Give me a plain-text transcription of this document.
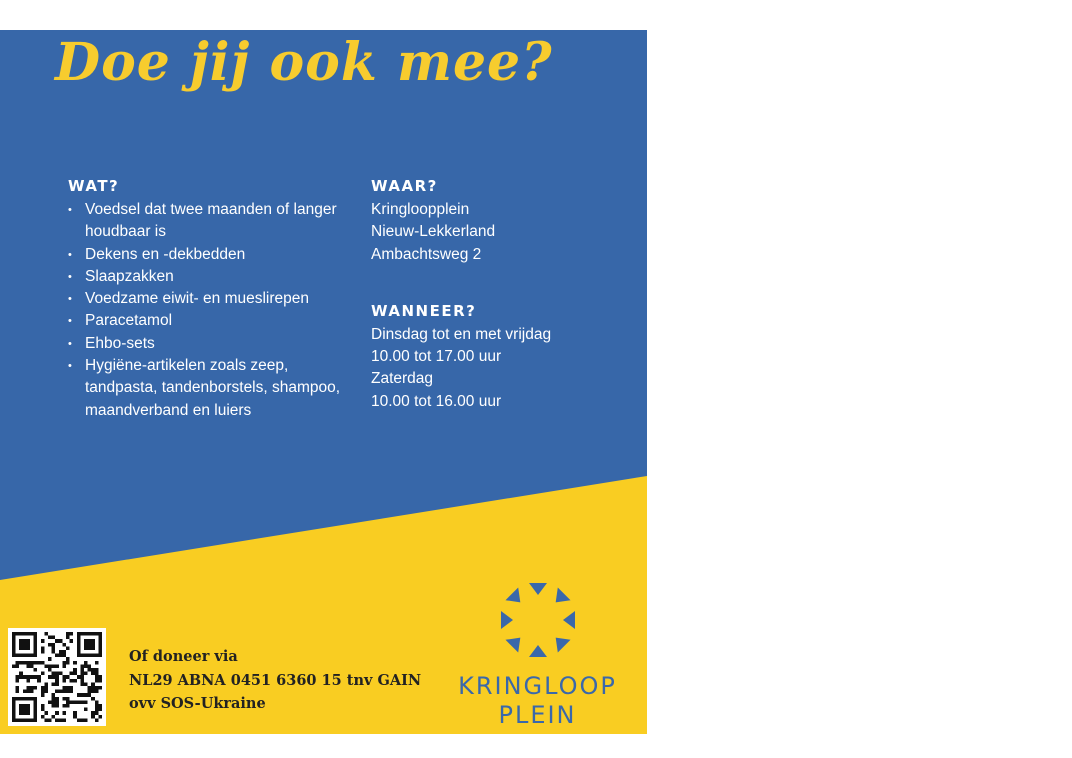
Doe jij ook mee?
WAT?
• Voedsel dat twee maanden of langer houdbaar is
• Dekens en -dekbedden
• Slaapzakken
• Voedzame eiwit- en mueslirepen
• Paracetamol
• Ehbo-sets
• Hygiëne-artikelen zoals zeep, tandpasta, tandenborstels, shampoo, maandverband en luiers
WAAR?
Kringloopplein
Nieuw-Lekkerland
Ambachtsweg 2
WANNEER?
Dinsdag tot en met vrijdag
10.00 tot 17.00 uur
Zaterdag
10.00 tot 16.00 uur
Of doneer via
NL29 ABNA 0451 6360 15 tnv GAIN
ovv SOS-Ukraine
KRINGLOOP
PLEIN
